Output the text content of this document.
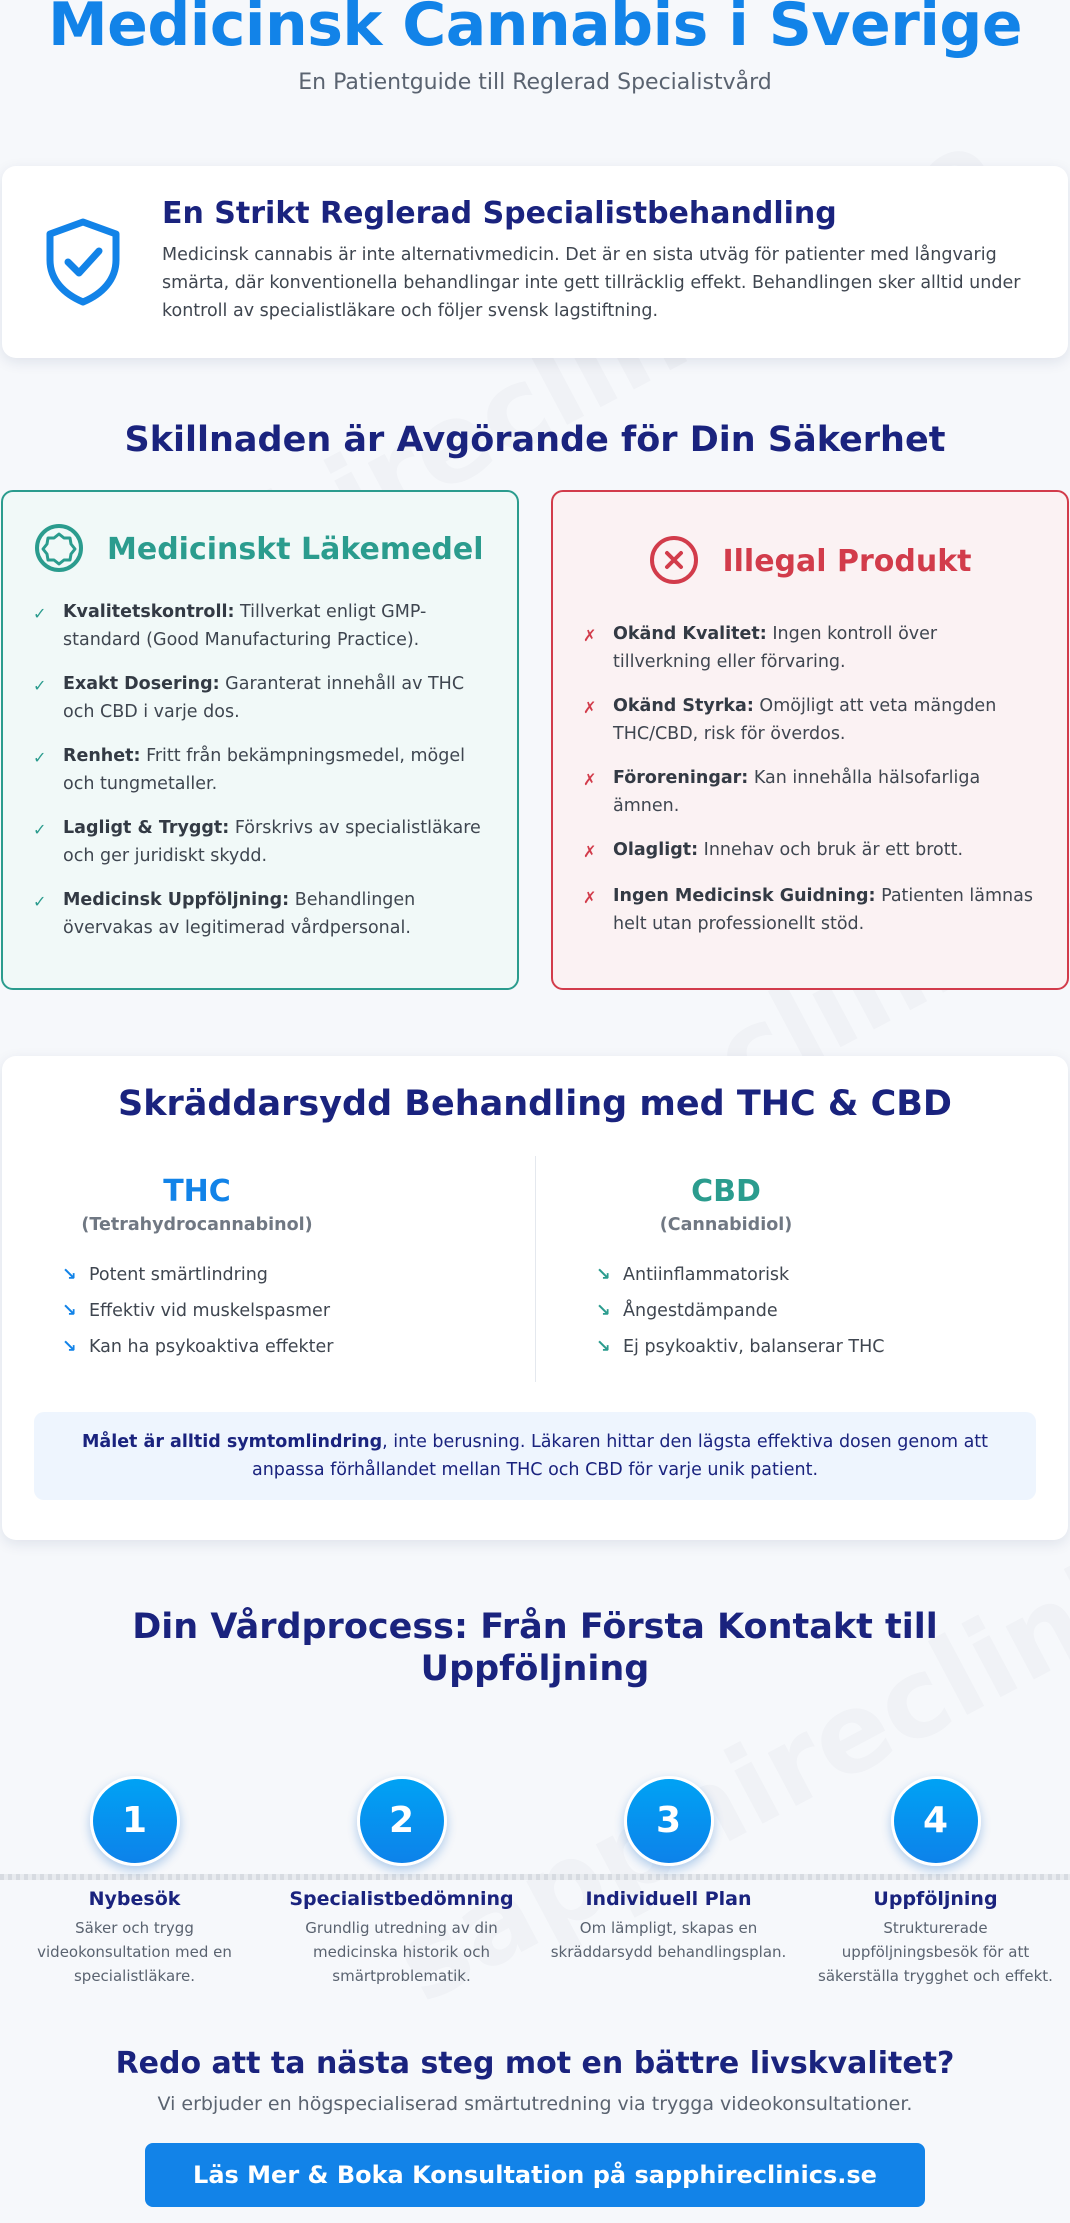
Medicinsk Cannabis i Sverige
En Patientguide till Reglerad Specialistvård
En Strikt Reglerad Specialistbehandling

Medicinsk cannabis är inte alternativmedicin. Det är en sista utväg för patienter med långvarig smärta, där konventionella behandlingar inte gett tillräcklig effekt. Behandlingen sker alltid under kontroll av specialistläkare och följer svensk lagstiftning.

Skillnaden är Avgörande för Din Säkerhet
Medicinskt Läkemedel
✓ Kvalitetskontroll: Tillverkat enligt GMP-standard (Good Manufacturing Practice).
✓ Exakt Dosering: Garanterat innehåll av THC och CBD i varje dos.
✓ Renhet: Fritt från bekämpningsmedel, mögel och tungmetaller.
✓ Lagligt & Tryggt: Förskrivs av specialistläkare och ger juridiskt skydd.
✓ Medicinsk Uppföljning: Behandlingen övervakas av legitimerad vårdpersonal.
Illegal Produkt
✗ Okänd Kvalitet: Ingen kontroll över tillverkning eller förvaring.
✗ Okänd Styrka: Omöjligt att veta mängden THC/CBD, risk för överdos.
✗ Föroreningar: Kan innehålla hälsofarliga ämnen.
✗ Olagligt: Innehav och bruk är ett brott.
✗ Ingen Medicinsk Guidning: Patienten lämnas helt utan professionellt stöd.
Skräddarsydd Behandling med THC & CBD
THC
(Tetrahydrocannabinol)
↘ Potent smärtlindring
↘ Effektiv vid muskelspasmer
↘ Kan ha psykoaktiva effekter
CBD
(Cannabidiol)
↘ Antiinflammatorisk
↘ Ångestdämpande
↘ Ej psykoaktiv, balanserar THC
Målet är alltid symtomlindring, inte berusning. Läkaren hittar den lägsta effektiva dosen genom att anpassa förhållandet mellan THC och CBD för varje unik patient.
Din Vårdprocess: Från Första Kontakt till Uppföljning
1
Nybesök
Säker och trygg videokonsultation med en specialistläkare.
2
Specialistbedömning
Grundlig utredning av din medicinska historik och smärtproblematik.
3
Individuell Plan
Om lämpligt, skapas en skräddarsydd behandlingsplan.
4
Uppföljning
Strukturerade uppföljningsbesök för att säkerställa trygghet och effekt.
Redo att ta nästa steg mot en bättre livskvalitet?

Vi erbjuder en högspecialiserad smärtutredning via trygga videokonsultationer.

Läs Mer & Boka Konsultation på sapphireclinics.se
